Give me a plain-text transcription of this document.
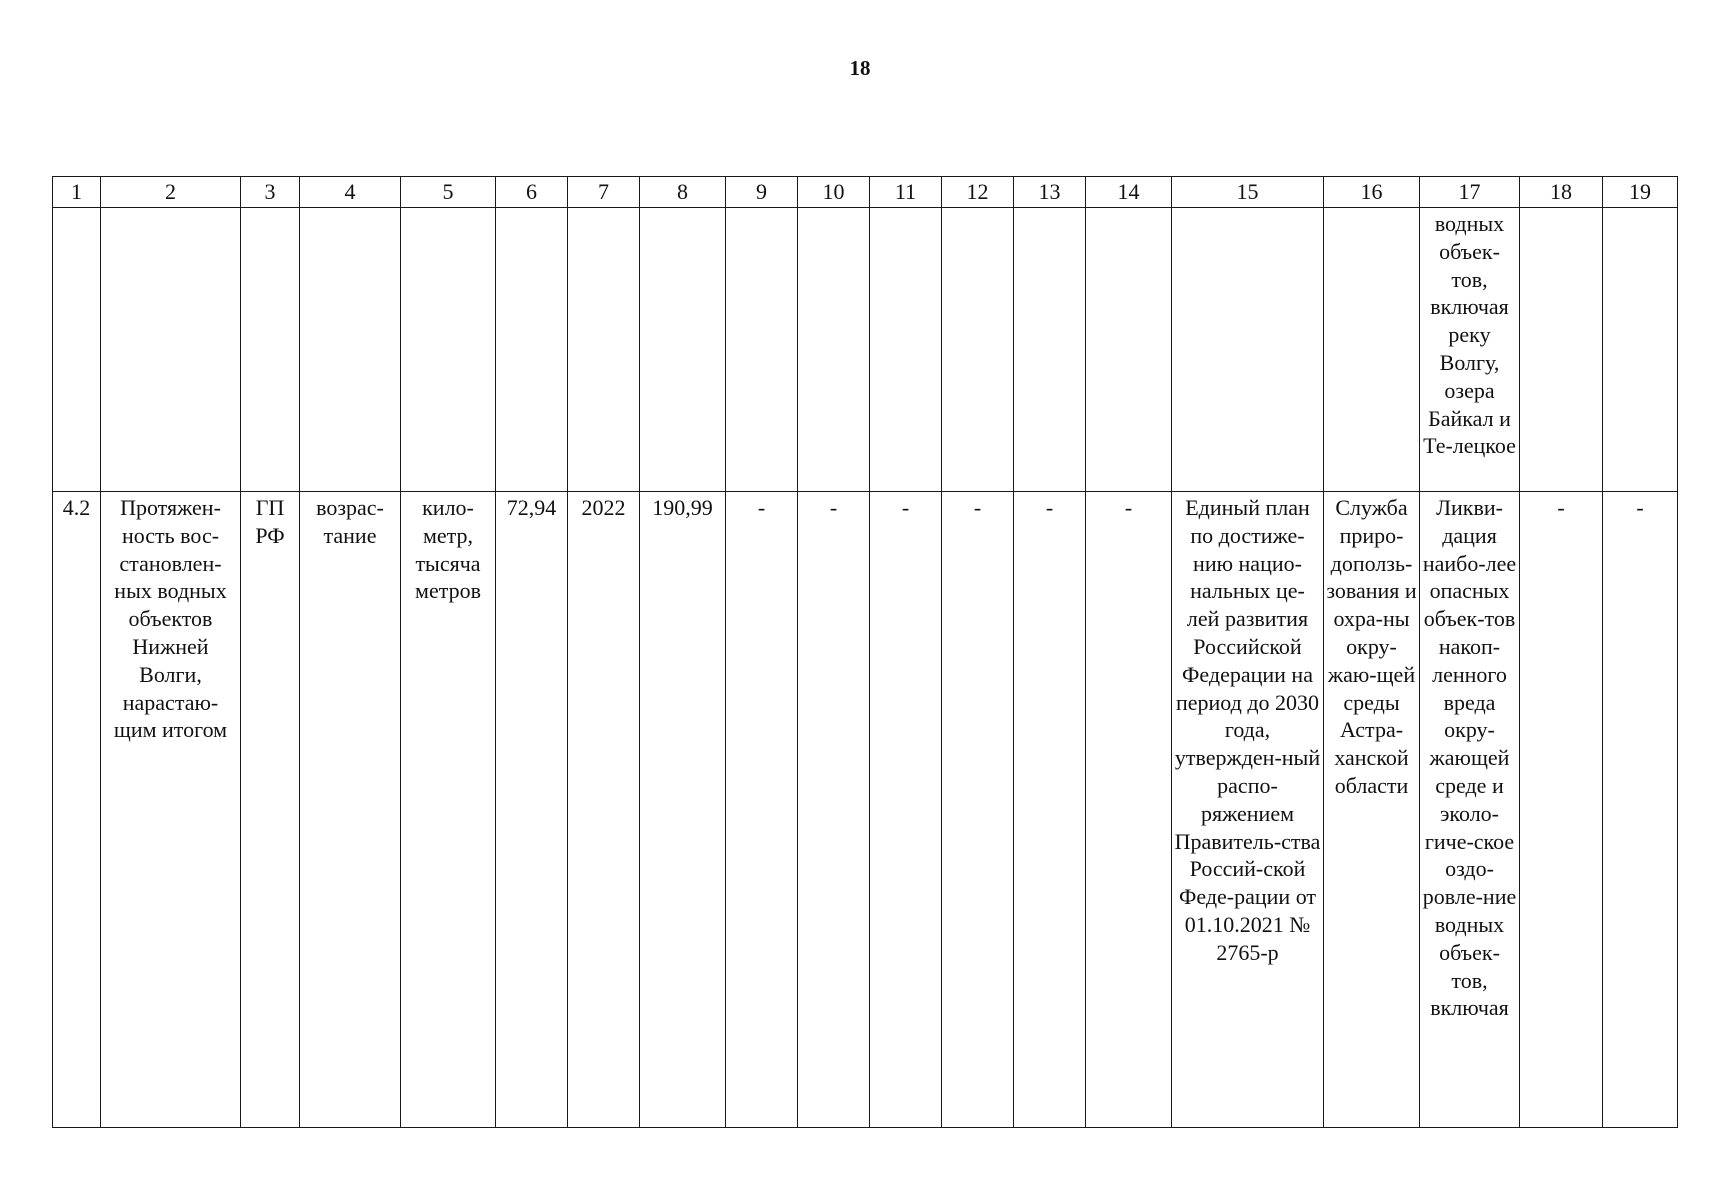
18
1	2	3	4	5	6	7	8	9	10	11	12	13	14	15	16	17	18	19
																водных объек-тов, включая реку Волгу, озера Байкал и Те-лецкое		
4.2	Протяжен-ность вос-становлен-ных водных объектов Нижней Волги, нарастаю-щим итогом	ГП РФ	возрас-тание	кило-метр, тысяча метров	72,94	2022	190,99	-	-	-	-	-	-	Единый план по достиже-нию нацио-нальных це-лей развития Российской Федерации на период до 2030 года, утвержден-ный распо-ряжением Правитель-ства Россий-ской Феде-рации от 01.10.2021 № 2765-р	Служба приро-доползь-зования и охра-ны окру-жаю-щей среды Астра-ханской области	Ликви-дация наибо-лее опасных объек-тов накоп-ленного вреда окру-жающей среде и эколо-гиче-ское оздо-ровле-ние водных объек-тов, включая	-	-
